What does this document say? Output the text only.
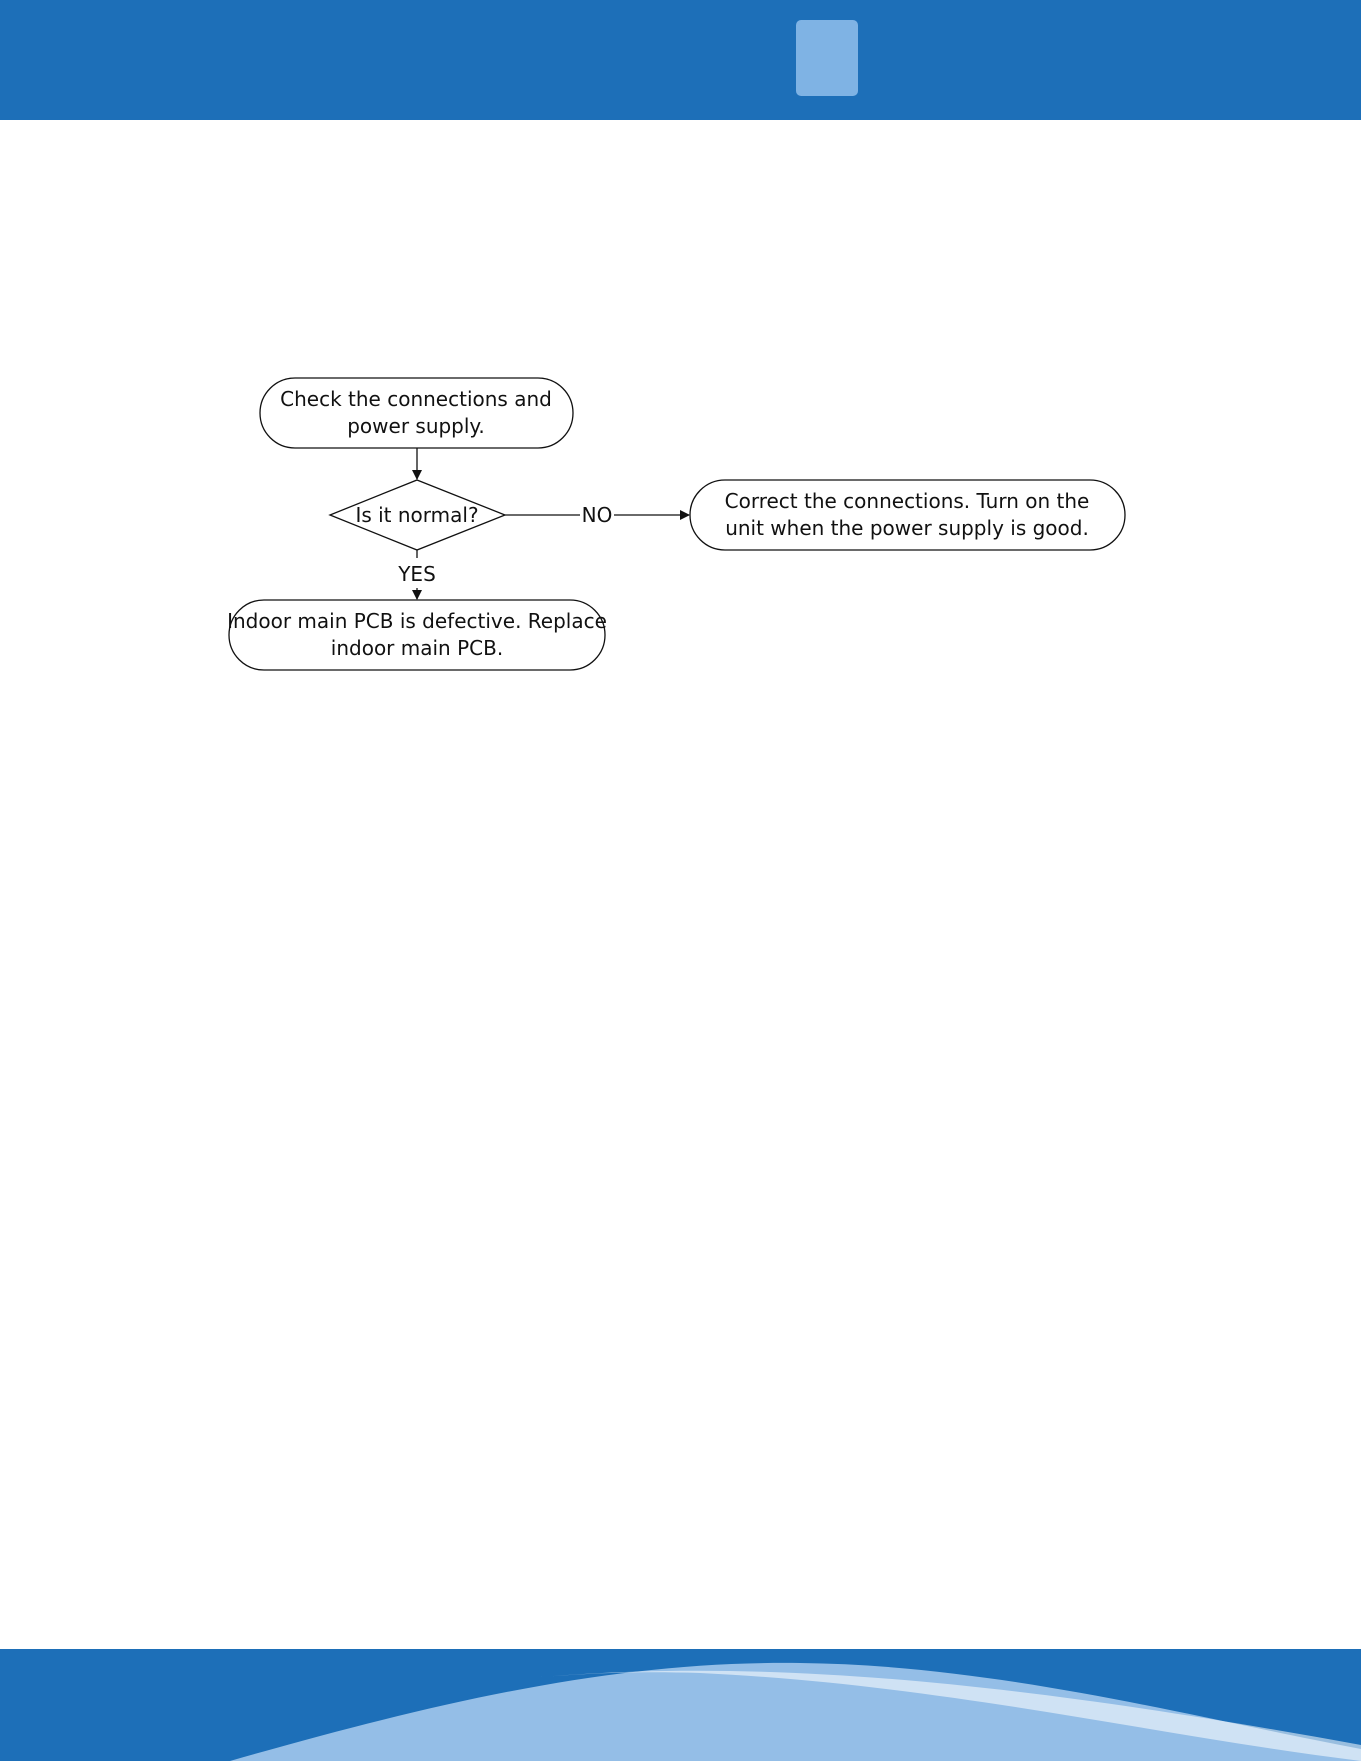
Check the connections and
power supply.
Is it normal?	NO
Correct the connections. Turn on the
unit when the power supply is good.
YES
Indoor main PCB is defective. Replace
indoor main PCB.
